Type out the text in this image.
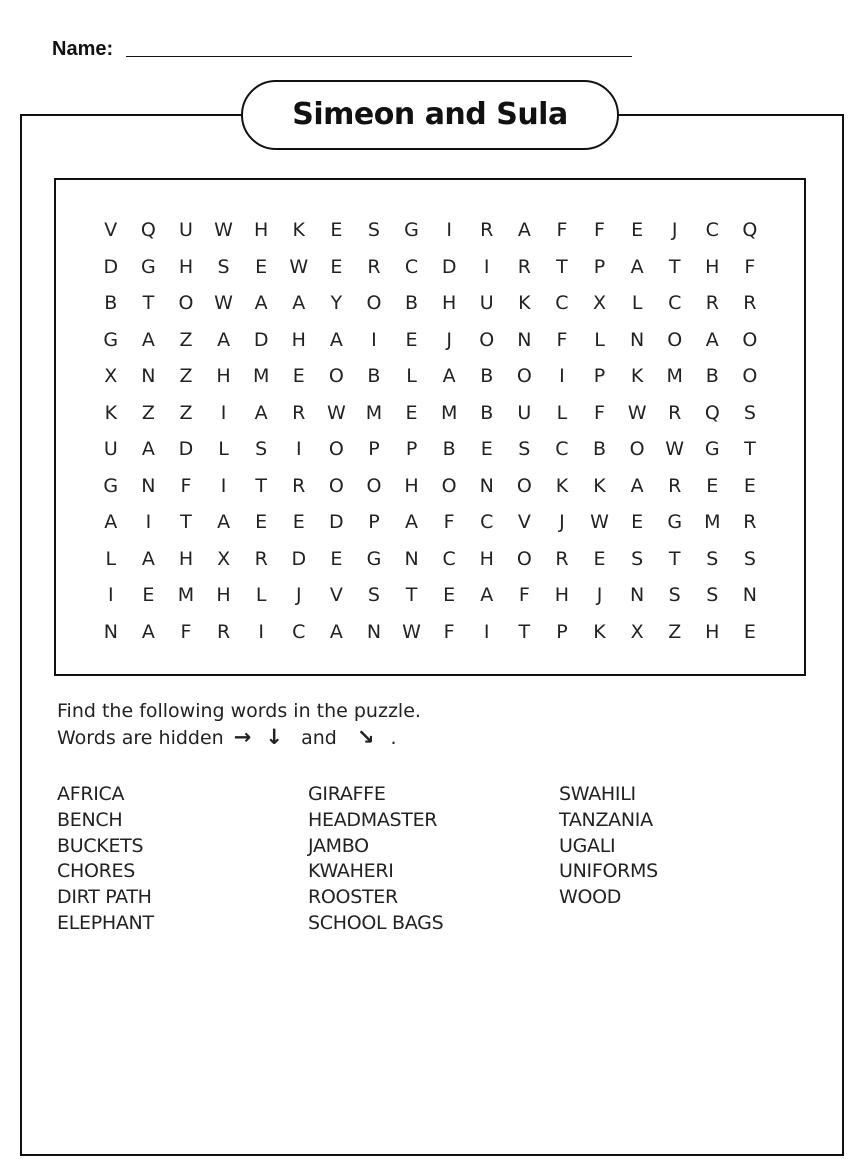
Name:
Simeon and Sula
V	Q	U	W	H	K	E	S	G	I	R	A	F	F	E	J	C	Q
D	G	H	S	E	W	E	R	C	D	I	R	T	P	A	T	H	F
B	T	O	W	A	A	Y	O	B	H	U	K	C	X	L	C	R	R
G	A	Z	A	D	H	A	I	E	J	O	N	F	L	N	O	A	O
X	N	Z	H	M	E	O	B	L	A	B	O	I	P	K	M	B	O
K	Z	Z	I	A	R	W	M	E	M	B	U	L	F	W	R	Q	S
U	A	D	L	S	I	O	P	P	B	E	S	C	B	O	W	G	T
G	N	F	I	T	R	O	O	H	O	N	O	K	K	A	R	E	E
A	I	T	A	E	E	D	P	A	F	C	V	J	W	E	G	M	R
L	A	H	X	R	D	E	G	N	C	H	O	R	E	S	T	S	S
I	E	M	H	L	J	V	S	T	E	A	F	H	J	N	S	S	N
N	A	F	R	I	C	A	N	W	F	I	T	P	K	X	Z	H	E
Find the following words in the puzzle.
Words are hidden → ↓ and ↘ .
AFRICA
BENCH
BUCKETS
CHORES
DIRT PATH
ELEPHANT
GIRAFFE
HEADMASTER
JAMBO
KWAHERI
ROOSTER
SCHOOL BAGS
SWAHILI
TANZANIA
UGALI
UNIFORMS
WOOD
